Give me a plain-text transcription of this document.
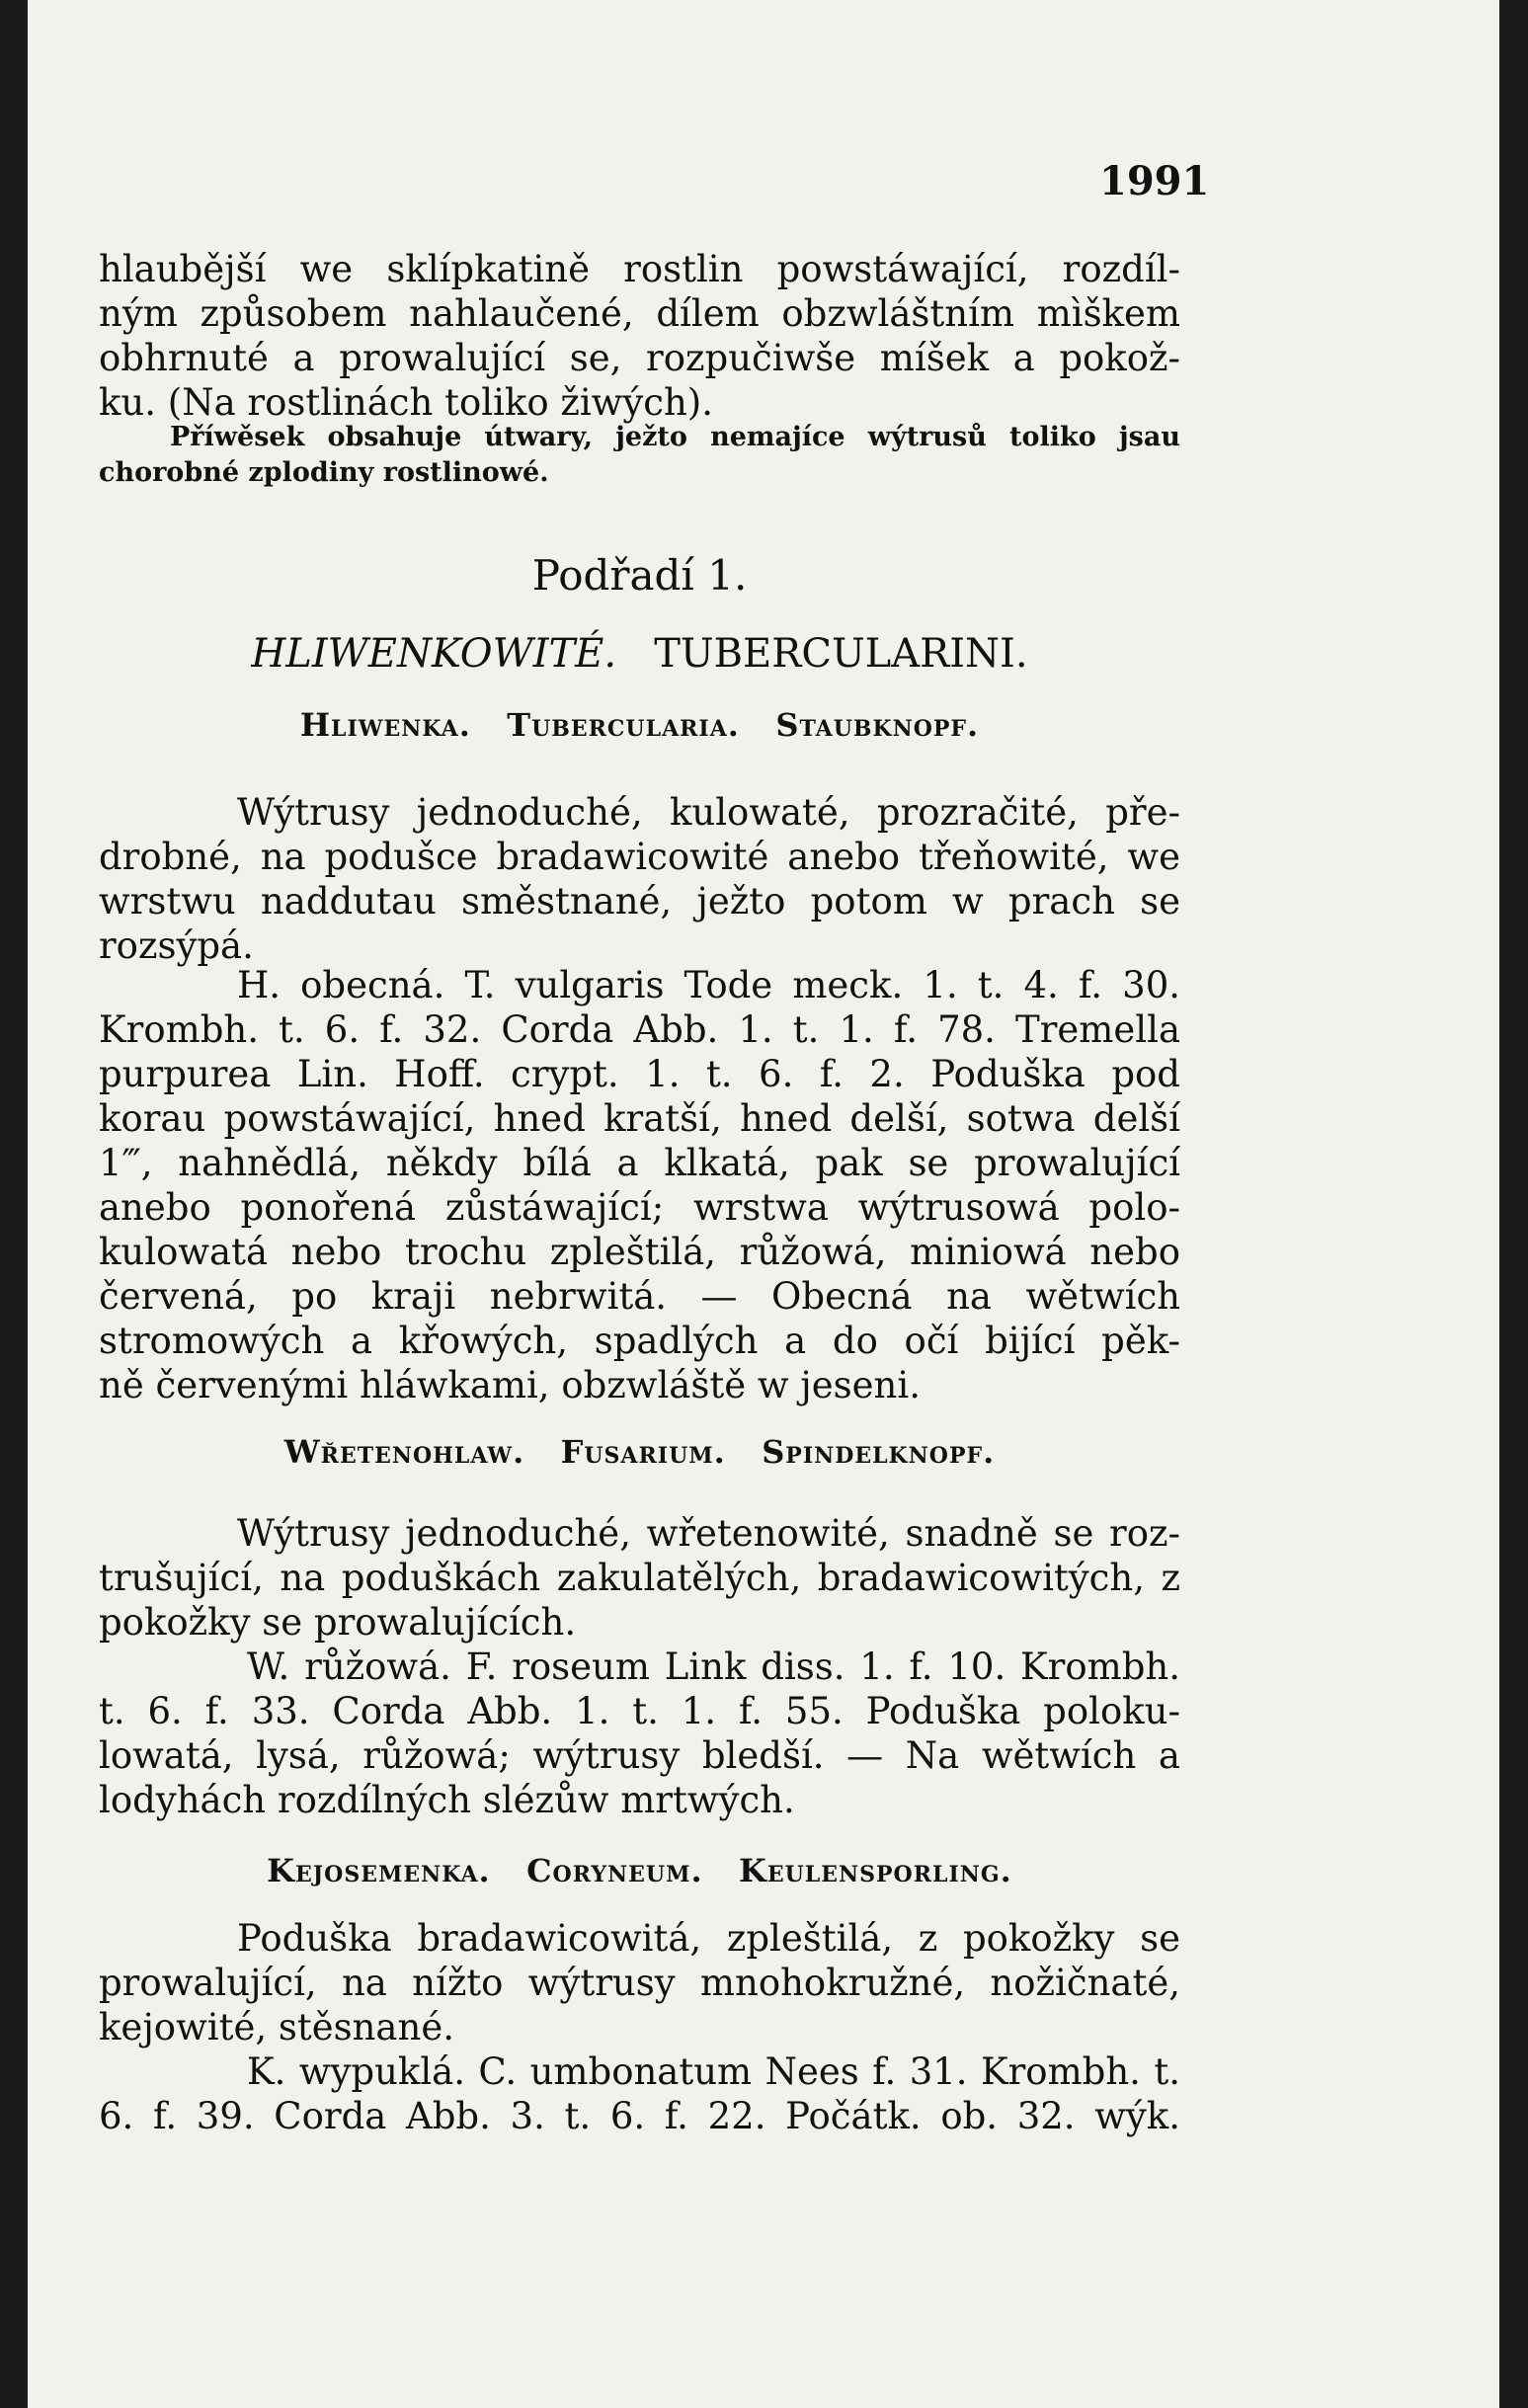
1991
hlaubější we sklípkatině rostlin powstáwající, rozdíl-
ným způsobem nahlaučené, dílem obzwláštním mìškem
obhrnuté a prowalující se, rozpučiwše míšek a pokož-
ku. (Na rostlinách toliko žiwých).
Příwěsek obsahuje útwary, ježto nemajíce wýtrusů toliko jsau
chorobné zplodiny rostlinowé.
Podřadí 1.
HLIWENKOWITÉ. TUBERCULARINI.
Hliwenka. Tubercularia. Staubknopf.
Wýtrusy jednoduché, kulowaté, prozračité, pře-
drobné, na podušce bradawicowité anebo třeňowité, we
wrstwu naddutau směstnané, ježto potom w prach se
rozsýpá.
H. obecná. T. vulgaris Tode meck. 1. t. 4. f. 30.
Krombh. t. 6. f. 32. Corda Abb. 1. t. 1. f. 78. Tremella
purpurea Lin. Hoff. crypt. 1. t. 6. f. 2. Poduška pod
korau powstáwající, hned kratší, hned delší, sotwa delší
1‴, nahnědlá, někdy bílá a klkatá, pak se prowalující
anebo ponořená zůstáwající; wrstwa wýtrusowá polo-
kulowatá nebo trochu zpleštilá, růžowá, miniowá nebo
červená, po kraji nebrwitá. — Obecná na wětwích
stromowých a křowých, spadlých a do očí bijící pěk-
ně červenými hláwkami, obzwláště w jeseni.
Wřetenohlaw. Fusarium. Spindelknopf.
Wýtrusy jednoduché, wřetenowité, snadně se roz-
trušující, na poduškách zakulatělých, bradawicowitých, z
pokožky se prowalujících.
W. růžowá. F. roseum Link diss. 1. f. 10. Krombh.
t. 6. f. 33. Corda Abb. 1. t. 1. f. 55. Poduška poloku-
lowatá, lysá, růžowá; wýtrusy bledší. — Na wětwích a
lodyhách rozdílných slézůw mrtwých.
Kejosemenka. Coryneum. Keulensporling.
Poduška bradawicowitá, zpleštilá, z pokožky se
prowalující, na nížto wýtrusy mnohokružné, nožičnaté,
kejowité, stěsnané.
K. wypuklá. C. umbonatum Nees f. 31. Krombh. t.
6. f. 39. Corda Abb. 3. t. 6. f. 22. Počátk. ob. 32. wýk.
